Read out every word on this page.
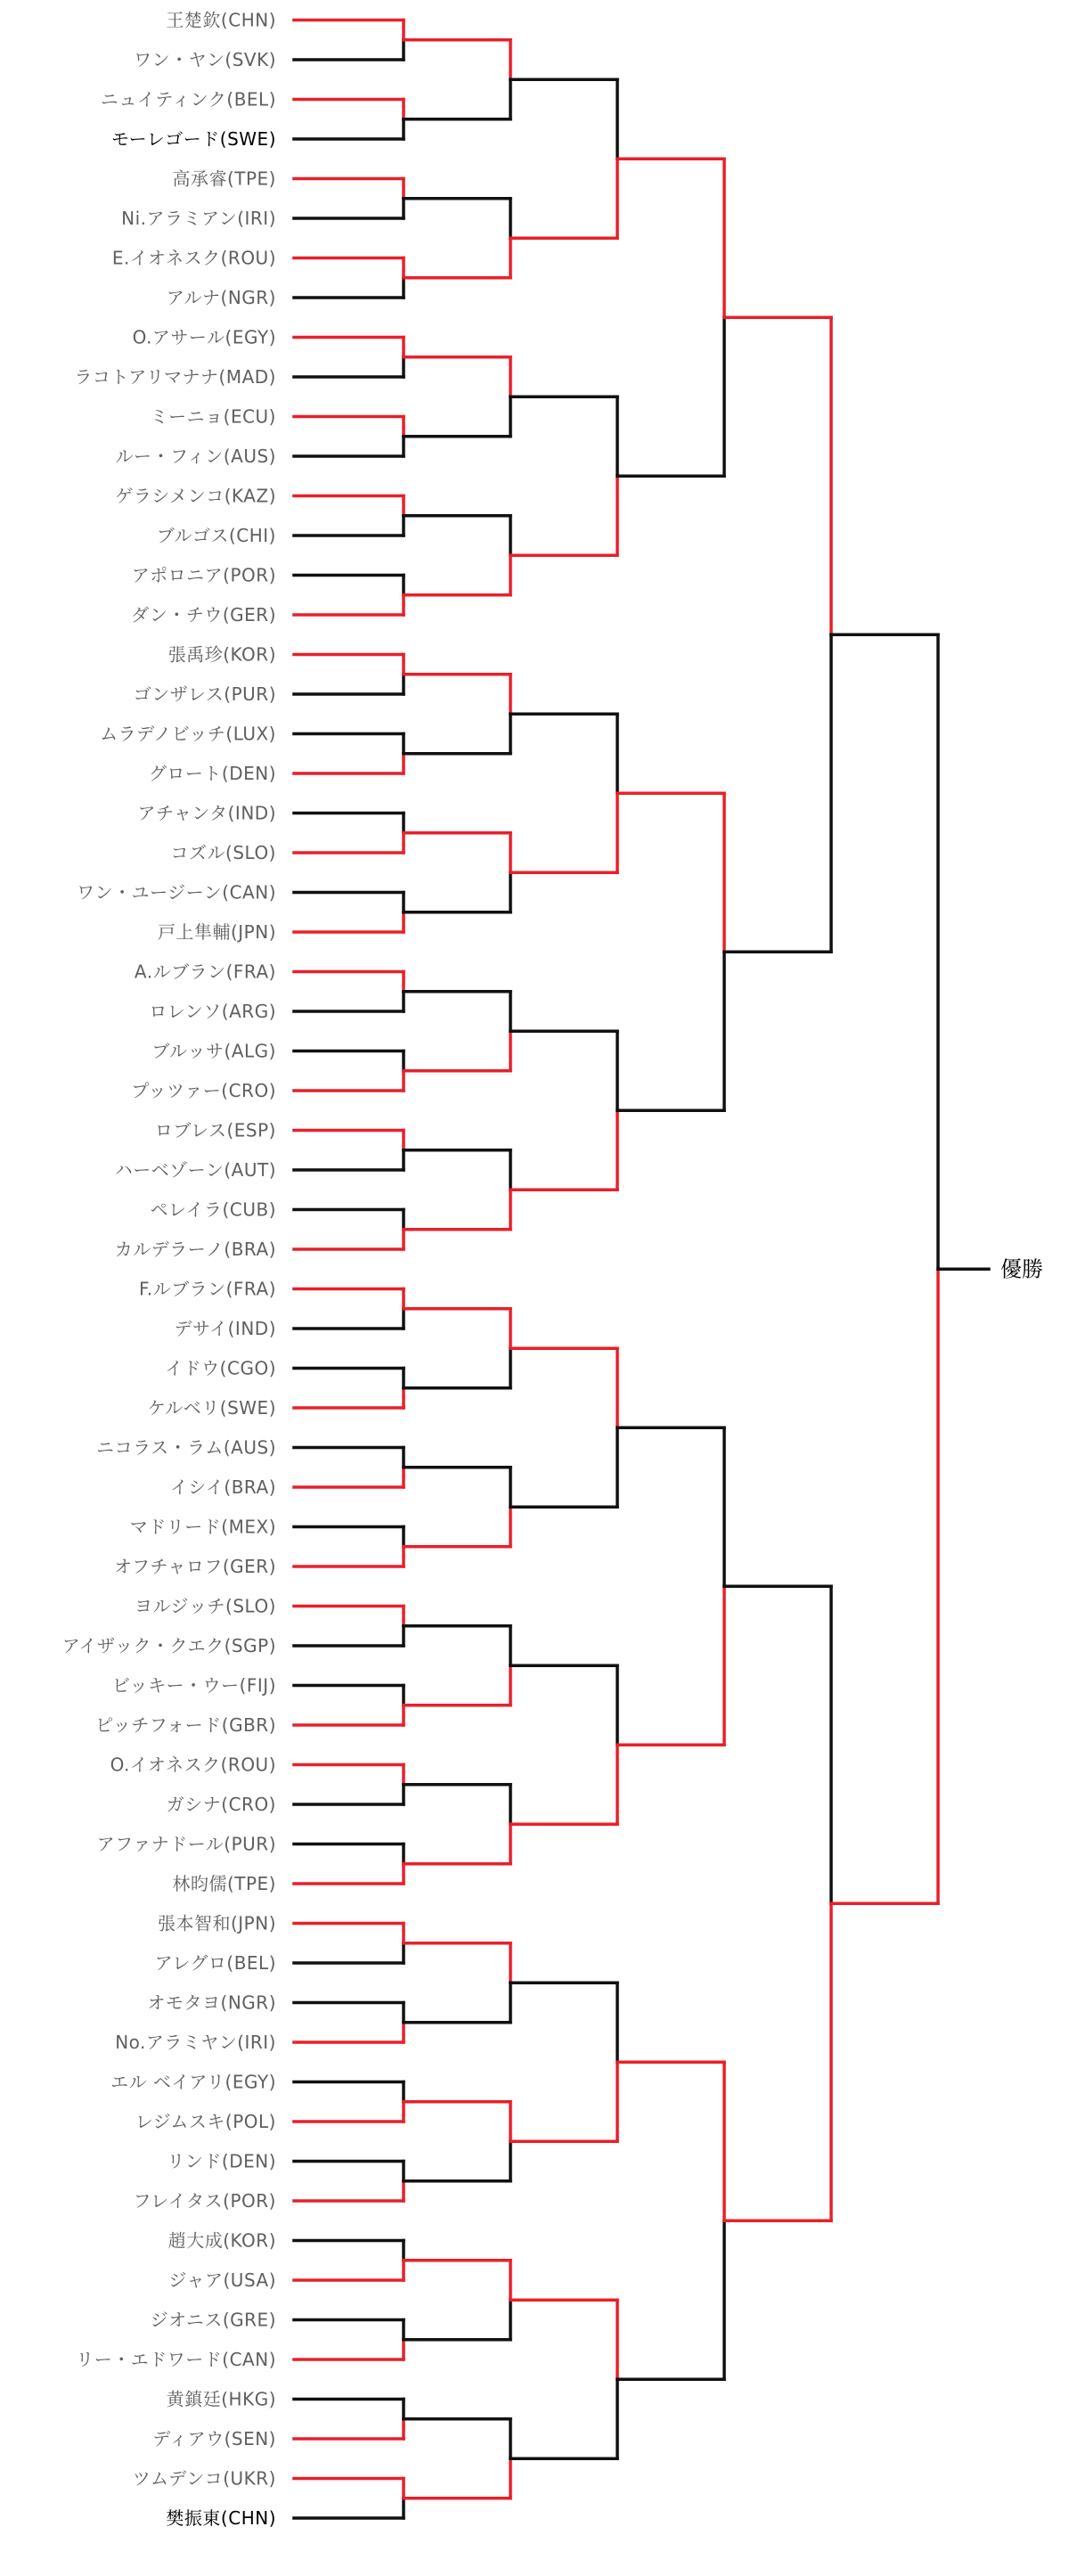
王楚欽(CHN)
ワン・ヤン(SVK)
ニュイティンク(BEL)
モーレゴード(SWE)
高承睿(TPE)
Ni.アラミアン(IRI)
E.イオネスク(ROU)
アルナ(NGR)
O.アサール(EGY)
ラコトアリマナナ(MAD)
ミーニョ(ECU)
ルー・フィン(AUS)
ゲラシメンコ(KAZ)
ブルゴス(CHI)
アポロニア(POR)
ダン・チウ(GER)
張禹珍(KOR)
ゴンザレス(PUR)
ムラデノビッチ(LUX)
グロート(DEN)
アチャンタ(IND)
コズル(SLO)
ワン・ユージーン(CAN)
戸上隼輔(JPN)
A.ルブラン(FRA)
ロレンソ(ARG)
ブルッサ(ALG)
プッツァー(CRO)
ロブレス(ESP)
ハーベゾーン(AUT)
ペレイラ(CUB)
カルデラーノ(BRA)
F.ルブラン(FRA)
デサイ(IND)
イドウ(CGO)
ケルベリ(SWE)
ニコラス・ラム(AUS)
イシイ(BRA)
マドリード(MEX)
オフチャロフ(GER)
ヨルジッチ(SLO)
アイザック・クエク(SGP)
ビッキー・ウー(FIJ)
ピッチフォード(GBR)
O.イオネスク(ROU)
ガシナ(CRO)
アファナドール(PUR)
林昀儒(TPE)
張本智和(JPN)
アレグロ(BEL)
オモタヨ(NGR)
No.アラミヤン(IRI)
エル ベイアリ(EGY)
レジムスキ(POL)
リンド(DEN)
フレイタス(POR)
趙大成(KOR)
ジャア(USA)
ジオニス(GRE)
リー・エドワード(CAN)
黄鎮廷(HKG)
ディアウ(SEN)
ツムデンコ(UKR)
樊振東(CHN)
優勝
